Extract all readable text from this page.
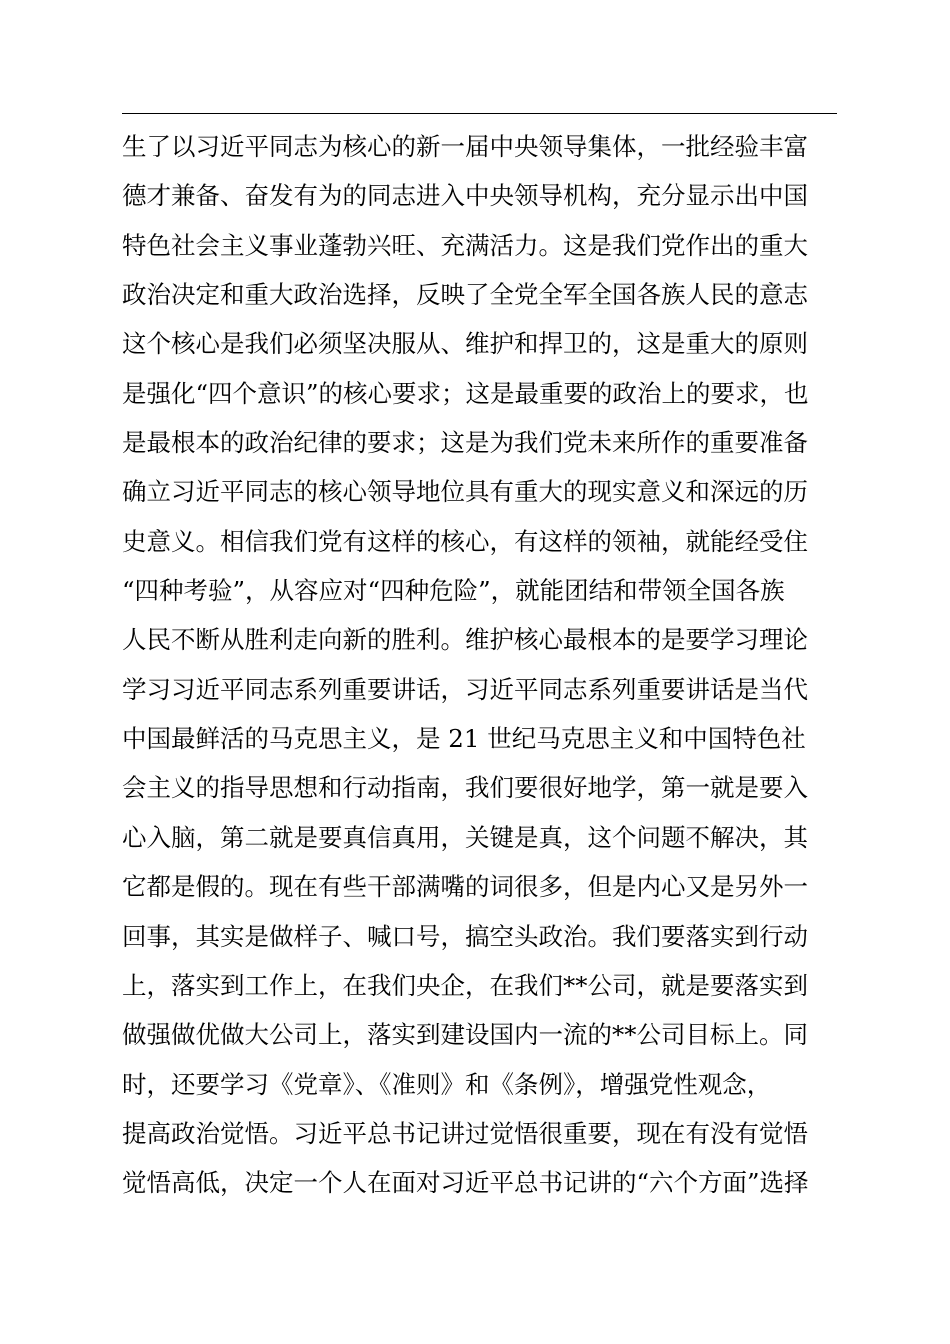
生了以习近平同志为核心的新一届中央领导集体，一批经验丰富
德才兼备、奋发有为的同志进入中央领导机构，充分显示出中国
特色社会主义事业蓬勃兴旺、充满活力。这是我们党作出的重大
政治决定和重大政治选择，反映了全党全军全国各族人民的意志
这个核心是我们必须坚决服从、维护和捍卫的，这是重大的原则
是强化“四个意识”的核心要求；这是最重要的政治上的要求，也
是最根本的政治纪律的要求；这是为我们党未来所作的重要准备
确立习近平同志的核心领导地位具有重大的现实意义和深远的历
史意义。相信我们党有这样的核心，有这样的领袖，就能经受住
“四种考验”，从容应对“四种危险”，就能团结和带领全国各族
人民不断从胜利走向新的胜利。维护核心最根本的是要学习理论
学习习近平同志系列重要讲话，习近平同志系列重要讲话是当代
中国最鲜活的马克思主义，是 21 世纪马克思主义和中国特色社
会主义的指导思想和行动指南，我们要很好地学，第一就是要入
心入脑，第二就是要真信真用，关键是真，这个问题不解决，其
它都是假的。现在有些干部满嘴的词很多，但是内心又是另外一
回事，其实是做样子、喊口号，搞空头政治。我们要落实到行动
上，落实到工作上，在我们央企，在我们**公司，就是要落实到
做强做优做大公司上，落实到建设国内一流的**公司目标上。同
时，还要学习《党章》、《准则》和《条例》，增强党性观念，
提高政治觉悟。习近平总书记讲过觉悟很重要，现在有没有觉悟
觉悟高低，决定一个人在面对习近平总书记讲的“六个方面”选择
